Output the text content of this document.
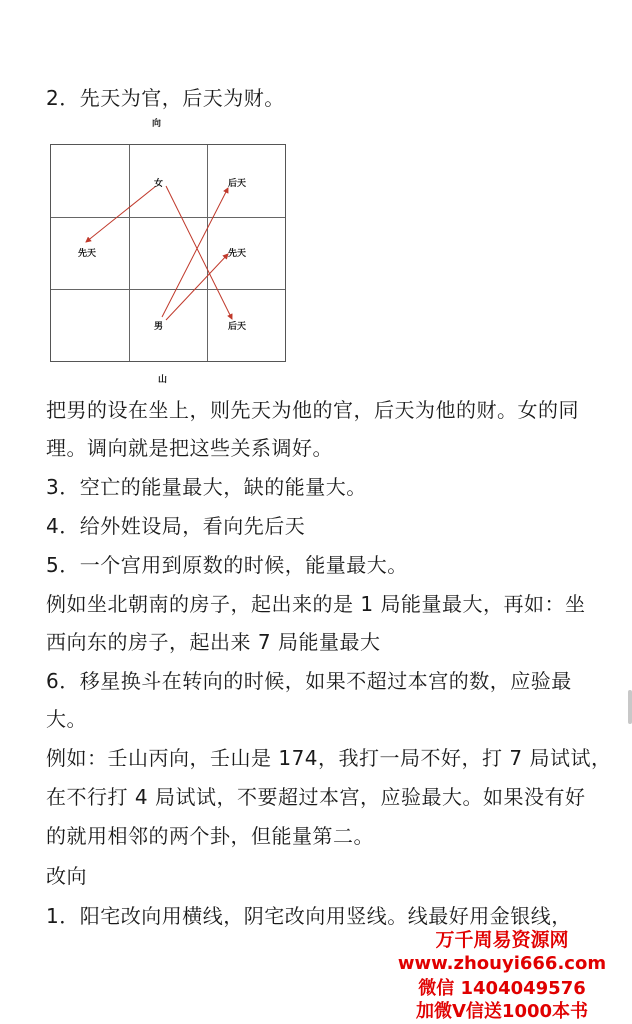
2．先天为官，后天为财。
向
女	后天
先天	先天
男	后天
山
把男的设在坐上，则先天为他的官，后天为他的财。女的同
理。调向就是把这些关系调好。
3．空亡的能量最大，缺的能量大。
4．给外姓设局，看向先后天
5．一个宫用到原数的时候，能量最大。
例如坐北朝南的房子，起出来的是 1 局能量最大，再如：坐
西向东的房子，起出来 7 局能量最大
6．移星换斗在转向的时候，如果不超过本宫的数，应验最
大。
例如：壬山丙向，壬山是 174，我打一局不好，打 7 局试试，
在不行打 4 局试试，不要超过本宫，应验最大。如果没有好
的就用相邻的两个卦，但能量第二。
改向
1．阳宅改向用横线，阴宅改向用竖线。线最好用金银线，
万千周易资源网
www.zhouyi666.com
微信 1404049576
加微V信送1000本书
